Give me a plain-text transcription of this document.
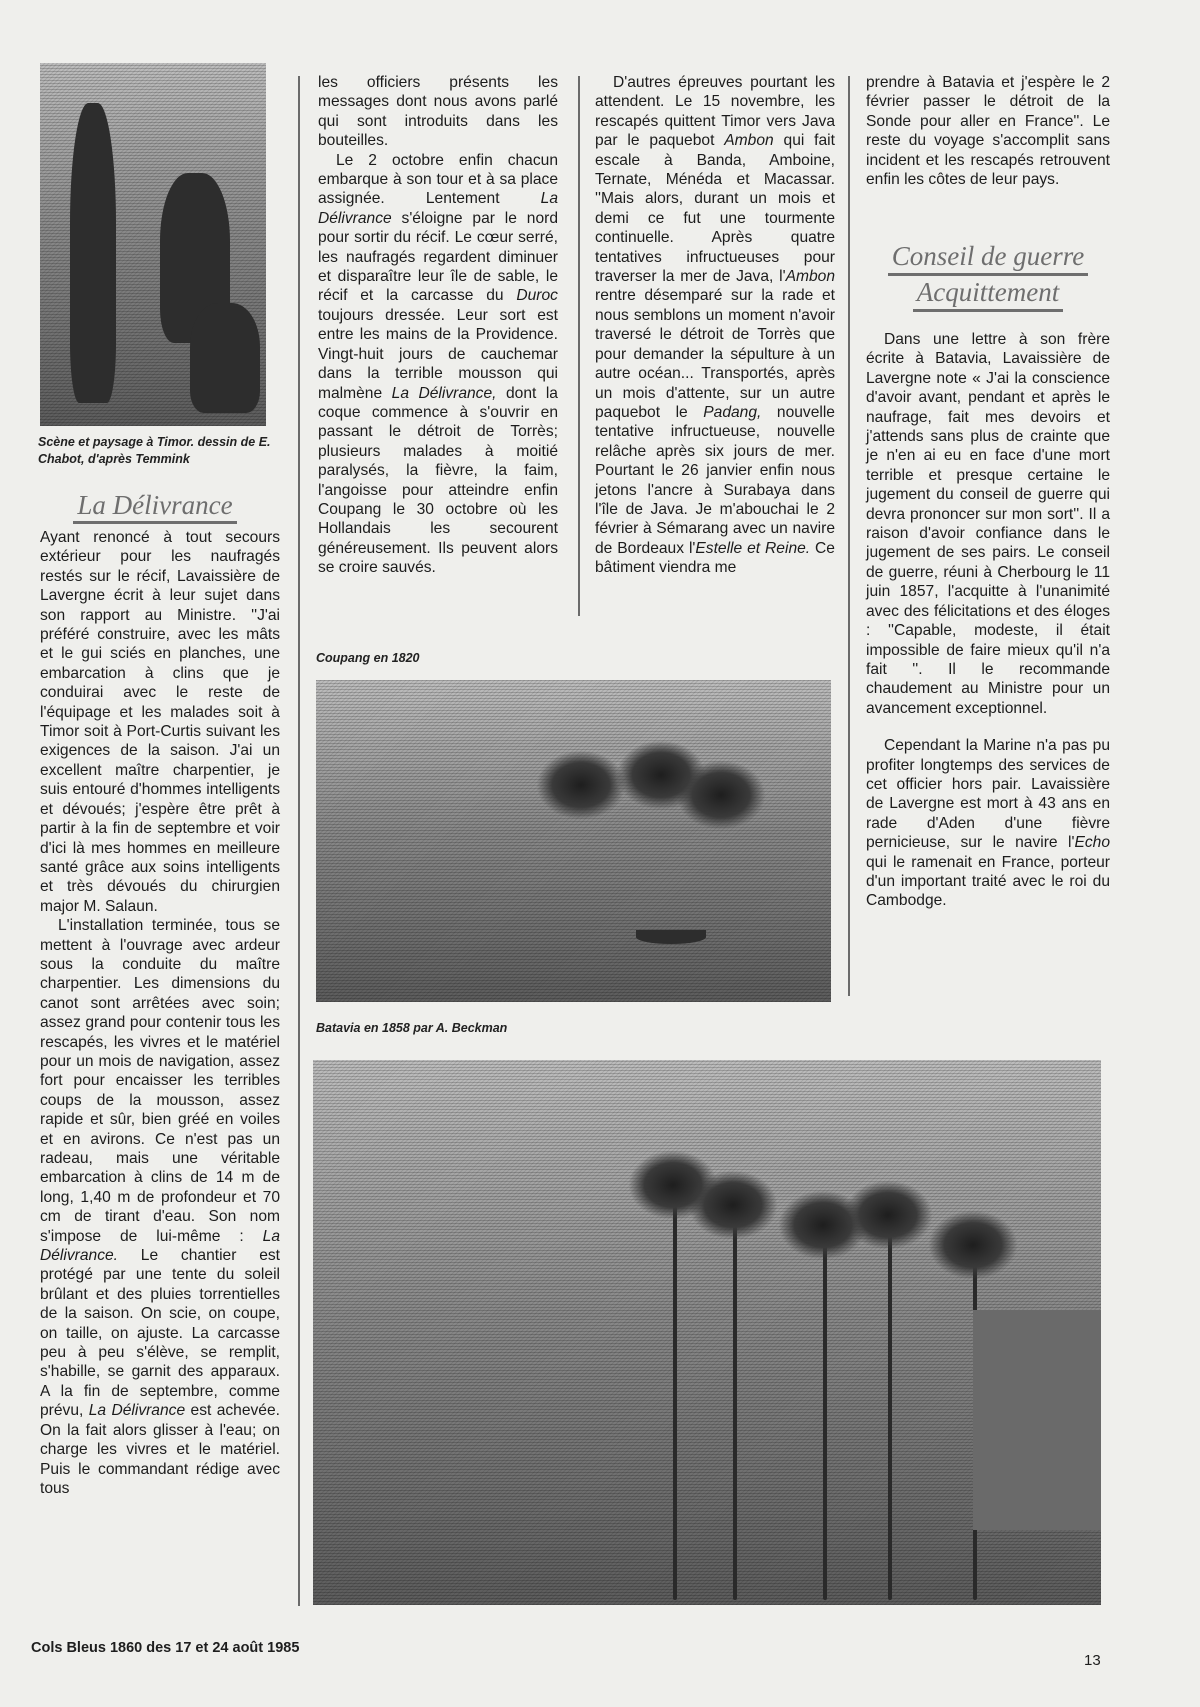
Scène et paysage à Timor. dessin de E. Chabot, d'après Temmink
La Délivrance

Ayant renoncé à tout secours extérieur pour les naufragés restés sur le récif, Lavaissière de Lavergne écrit à leur sujet dans son rapport au Ministre. ''J'ai préféré construire, avec les mâts et le gui sciés en planches, une embarcation à clins que je conduirai avec le reste de l'équipage et les malades soit à Timor soit à Port-Curtis suivant les exigences de la saison. J'ai un excellent maître charpentier, je suis entouré d'hommes intelligents et dévoués; j'espère être prêt à partir à la fin de septembre et voir d'ici là mes hommes en meilleure santé grâce aux soins intelligents et très dévoués du chirurgien major M. Salaun.

L'installation terminée, tous se mettent à l'ouvrage avec ardeur sous la conduite du maître charpentier. Les dimensions du canot sont arrêtées avec soin; assez grand pour contenir tous les rescapés, les vivres et le matériel pour un mois de navigation, assez fort pour encaisser les terribles coups de la mousson, assez rapide et sûr, bien gréé en voiles et en avirons. Ce n'est pas un radeau, mais une véritable embarcation à clins de 14 m de long, 1,40 m de profondeur et 70 cm de tirant d'eau. Son nom s'impose de lui-même : La Délivrance. Le chantier est protégé par une tente du soleil brûlant et des pluies torrentielles de la saison. On scie, on coupe, on taille, on ajuste. La carcasse peu à peu s'élève, se remplit, s'habille, se garnit des apparaux. A la fin de septembre, comme prévu, La Délivrance est achevée. On la fait alors glisser à l'eau; on charge les vivres et le matériel. Puis le commandant rédige avec tous

les officiers présents les messages dont nous avons parlé qui sont introduits dans les bouteilles.

Le 2 octobre enfin chacun embarque à son tour et à sa place assignée. Lentement	La Délivrance s'éloigne par le nord pour sortir du récif. Le cœur serré, les naufragés regardent diminuer et disparaître leur île de sable, le récif et la carcasse du Duroc toujours dressée. Leur sort est entre les mains de la Providence. Vingt-huit jours de cauchemar dans la terrible mousson qui malmène La Délivrance, dont la coque commence à s'ouvrir en passant le détroit de Torrès; plusieurs malades à moitié paralysés, la fièvre, la faim, l'angoisse pour atteindre enfin Coupang le 30 octobre où les Hollandais les secourent généreusement. Ils peuvent alors se croire sauvés.

D'autres épreuves pourtant les attendent. Le 15 novembre, les rescapés quittent Timor vers Java par le paquebot Ambon qui fait escale à Banda, Amboine, Ternate, Ménéda et Macassar. ''Mais alors, durant un mois et demi ce fut une tourmente continuelle. Après quatre tentatives infructueuses pour traverser la mer de Java, l'Ambon rentre désemparé sur la rade et nous semblons un moment n'avoir traversé le détroit de Torrès que pour demander la sépulture à un autre océan... Transportés, après un mois d'attente, sur un autre paquebot le Padang, nouvelle tentative infructueuse, nouvelle relâche après six jours de mer. Pourtant le 26 janvier enfin nous jetons l'ancre à Surabaya dans l'île de Java. Je m'abouchai le 2 février à Sémarang avec un navire de Bordeaux l'Estelle et Reine. Ce bâtiment viendra me

prendre à Batavia et j'espère le 2 février passer le détroit de la Sonde pour aller en France''. Le reste du voyage s'accomplit sans incident et les rescapés retrouvent enfin les côtes de leur pays.

Conseil de guerre
Acquittement

Dans une lettre à son frère écrite à Batavia, Lavaissière de Lavergne note « J'ai la conscience d'avoir avant, pendant et après le naufrage, fait mes devoirs et j'attends sans plus de crainte que je n'en ai eu en face d'une mort terrible et presque certaine le jugement du conseil de guerre qui devra prononcer sur mon sort''. Il a raison d'avoir confiance dans le jugement de ses pairs. Le conseil de guerre, réuni à Cherbourg le 11 juin 1857, l'acquitte à l'unanimité avec des félicitations et des éloges : ''Capable, modeste, il était impossible de faire mieux qu'il n'a fait ''. Il le recommande chaudement au Ministre pour un avancement exceptionnel.

Cependant la Marine n'a pas pu profiter longtemps des services de cet officier hors pair. Lavaissière de Lavergne est mort à 43 ans en rade d'Aden d'une fièvre pernicieuse, sur le navire l'Echo qui le ramenait en France, porteur d'un important traité avec le roi du Cambodge.

Coupang en 1820
Batavia en 1858 par A. Beckman
Cols Bleus 1860 des 17 et 24 août 1985
13
